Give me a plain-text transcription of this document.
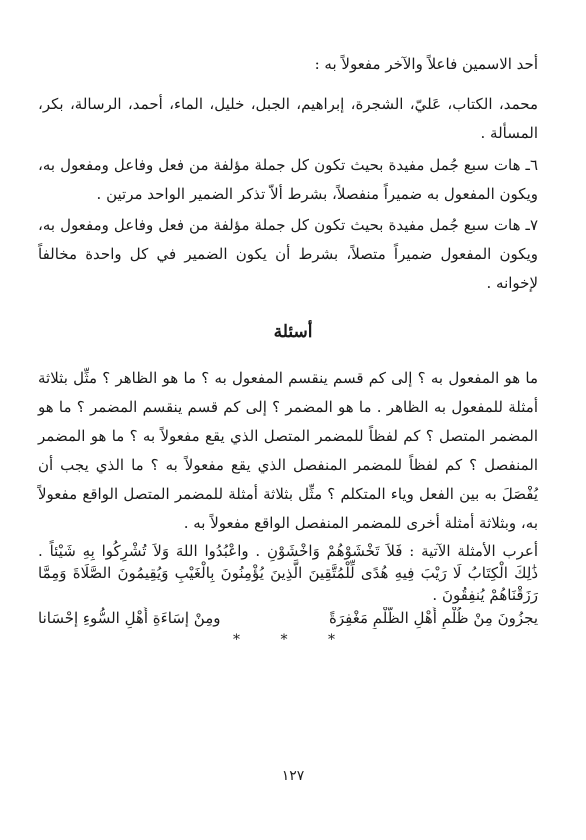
أحد الاسمين فاعلاً والآخر مفعولاً به :

محمد، الكتاب، عَليّ، الشجرة، إبراهيم، الجبل، خليل، الماء، أحمد، الرسالة، بكر، المسألة .

٦ـ هات سبع جُمل مفيدة بحيث تكون كل جملة مؤلفة من فعل وفاعل ومفعول به، ويكون المفعول به ضميراً منفصلاً، بشرط ألاّ تذكر الضمير الواحد مرتين .

٧ـ هات سبع جُمل مفيدة بحيث تكون كل جملة مؤلفة من فعل وفاعل ومفعول به، ويكون المفعول ضميراً متصلاً، بشرط أن يكون الضمير في كل واحدة مخالفاً لإخوانه .

أسئلة

ما هو المفعول به ؟ إلى كم قسم ينقسم المفعول به ؟ ما هو الظاهر ؟ مثِّل بثلاثة أمثلة للمفعول به الظاهر . ما هو المضمر ؟ إلى كم قسم ينقسم المضمر ؟ ما هو المضمر المتصل ؟ كم لفظاً للمضمر المتصل الذي يقع مفعولاً به ؟ ما هو المضمر المنفصل ؟ كم لفظاً للمضمر المنفصل الذي يقع مفعولاً به ؟ ما الذي يجب أن يُفْصَلَ به بين الفعل وياء المتكلم ؟ مثِّل بثلاثة أمثلة للمضمر المتصل الواقع مفعولاً به، وبثلاثة أمثلة أخرى للمضمر المنفصل الواقع مفعولاً به .

أعرب الأمثلة الآتية : فَلاَ تَخْشَوْهُمْ وَاخْشَوْنِ . واعْبُدُوا اللهَ وَلاَ تُشْرِكُوا بِهِ شَيْئاً . ذَٰلِكَ الْكِتَابُ لَا رَيْبَ فِيهِ هُدًى لِّلْمُتَّقِينَ الَّذِينَ يُؤْمِنُونَ بِالْغَيْبِ وَيُقِيمُونَ الصَّلَاةَ وَمِمَّا رَزَقْنَاهُمْ يُنفِقُونَ .

يجزُونَ مِنْ ظُلْمِ أَهْلِ الظُّلْمِ مَغْفِرَةً
ومِنْ إسَاءَةِ أَهْلِ السُّوءِ إحْسَانا
* * *
١٢٧
